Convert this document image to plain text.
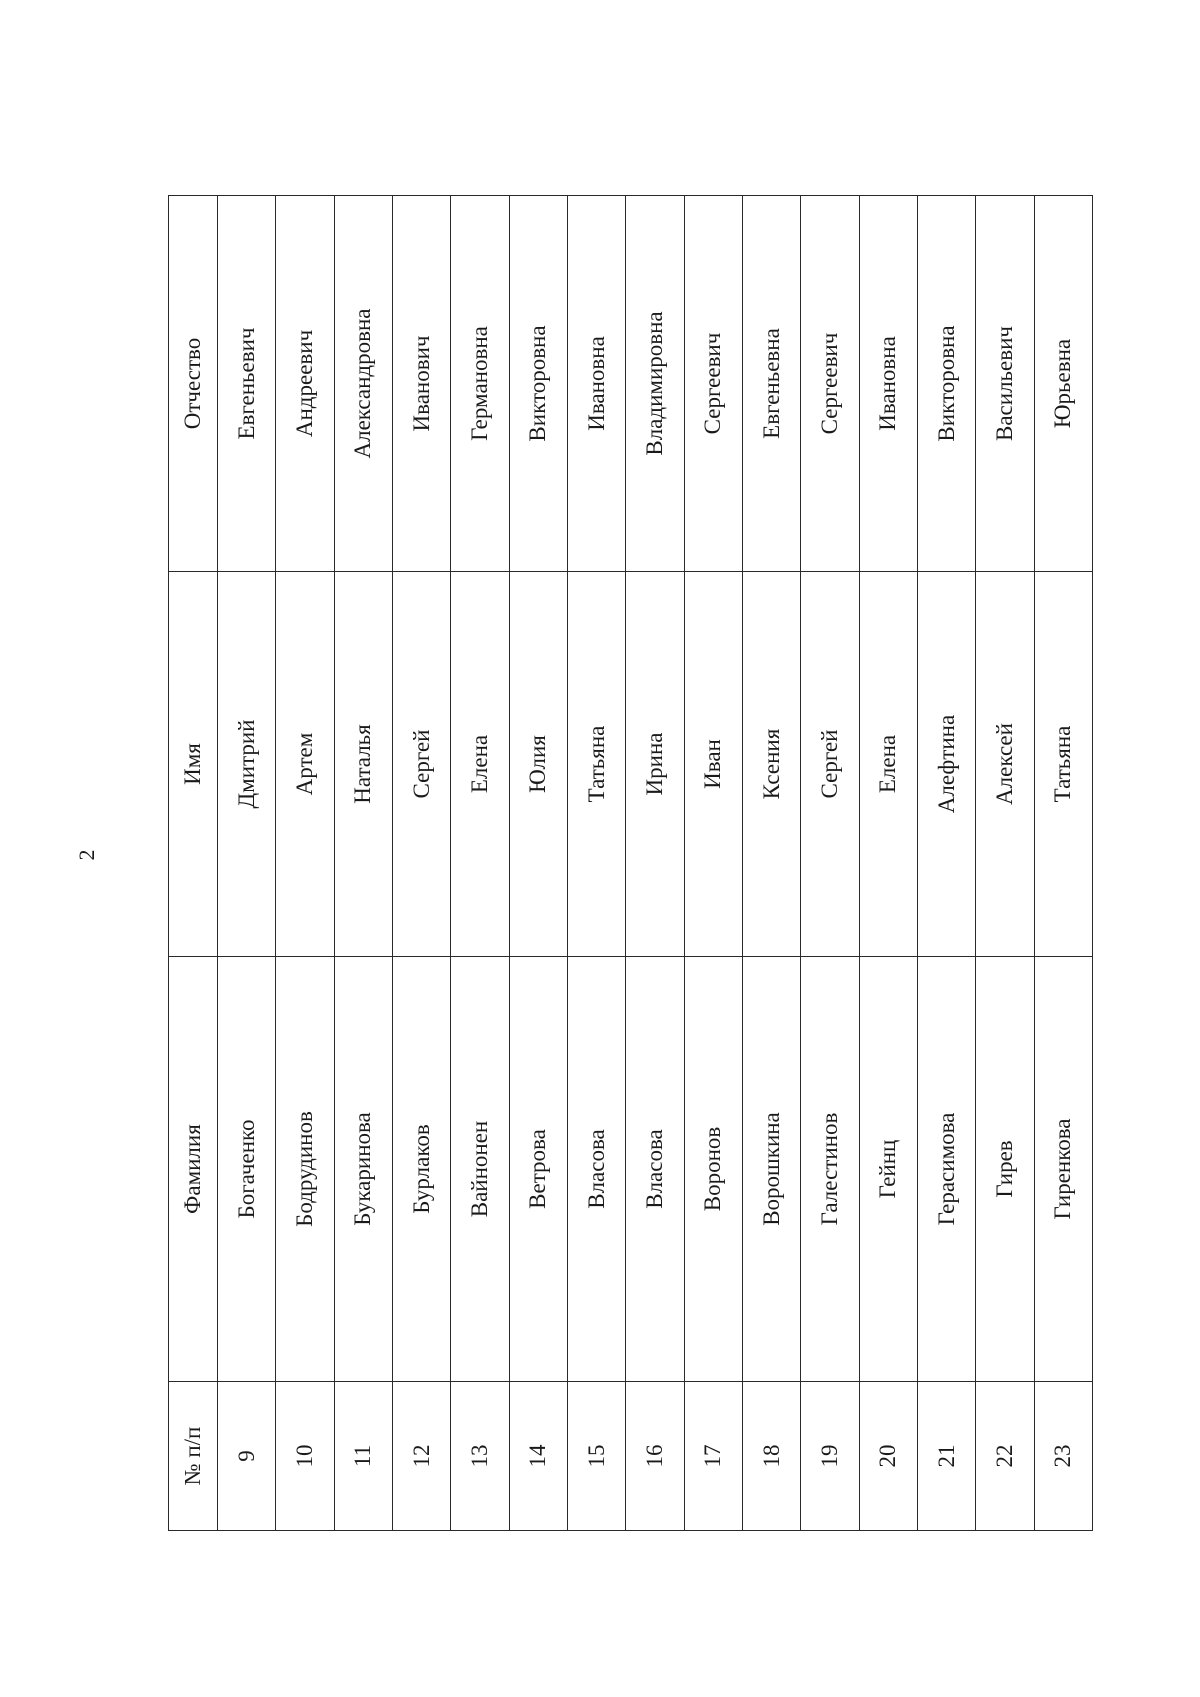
2
№ п/п	Фамилия	Имя	Отчество
9	Богаченко	Дмитрий	Евгеньевич
10	Бодрудинов	Артем	Андреевич
11	Букаринова	Наталья	Александровна
12	Бурлаков	Сергей	Иванович
13	Вайнонен	Елена	Германовна
14	Ветрова	Юлия	Викторовна
15	Власова	Татьяна	Ивановна
16	Власова	Ирина	Владимировна
17	Воронов	Иван	Сергеевич
18	Ворошкина	Ксения	Евгеньевна
19	Галестинов	Сергей	Сергеевич
20	Гейнц	Елена	Ивановна
21	Герасимова	Алефтина	Викторовна
22	Гирев	Алексей	Васильевич
23	Гиренкова	Татьяна	Юрьевна
